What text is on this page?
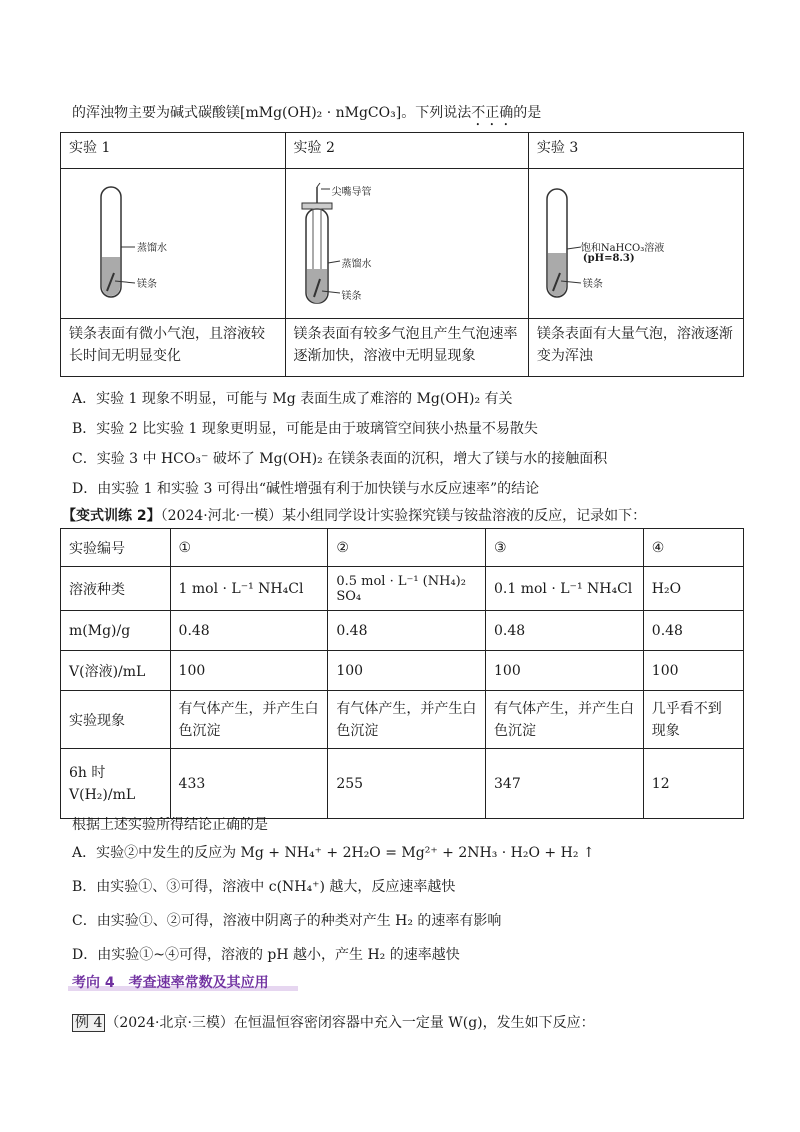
的浑浊物主要为碱式碳酸镁[mMg(OH)₂ · nMgCO₃]。下列说法不正确的是
实验 1	实验 2	实验 3

蒸馏水
镁条	尖嘴导管
蒸馏水
镁条	饱和NaHCO₃溶液
(pH=8.3)
镁条

镁条表面有微小气泡，且溶液较长时间无明显变化	镁条表面有较多气泡且产生气泡速率逐渐加快，溶液中无明显现象	镁条表面有大量气泡，溶液逐渐变为浑浊
A．实验 1 现象不明显，可能与 Mg 表面生成了难溶的 Mg(OH)₂ 有关
B．实验 2 比实验 1 现象更明显，可能是由于玻璃管空间狭小热量不易散失
C．实验 3 中 HCO₃⁻ 破坏了 Mg(OH)₂ 在镁条表面的沉积，增大了镁与水的接触面积
D．由实验 1 和实验 3 可得出“碱性增强有利于加快镁与水反应速率”的结论
【变式训练 2】（2024·河北·一模）某小组同学设计实验探究镁与铵盐溶液的反应，记录如下：
实验编号	①	②	③	④
溶液种类	1 mol · L⁻¹ NH₄Cl	0.5 mol · L⁻¹ (NH₄)₂ SO₄	0.1 mol · L⁻¹ NH₄Cl	H₂O
m(Mg)/g	0.48	0.48	0.48	0.48
V(溶液)/mL	100	100	100	100
实验现象	有气体产生，并产生白色沉淀	有气体产生，并产生白色沉淀	有气体产生，并产生白色沉淀	几乎看不到现象
6h 时
V(H₂)/mL	433	255	347	12
根据上述实验所得结论正确的是
A．实验②中发生的反应为 Mg + NH₄⁺ + 2H₂O = Mg²⁺ + 2NH₃ · H₂O + H₂ ↑
B．由实验①、③可得，溶液中 c(NH₄⁺) 越大，反应速率越快
C．由实验①、②可得，溶液中阴离子的种类对产生 H₂ 的速率有影响
D．由实验①~④可得，溶液的 pH 越小，产生 H₂ 的速率越快
考向 4　考查速率常数及其应用
例 4 （2024·北京·三模）在恒温恒容密闭容器中充入一定量 W(g)，发生如下反应：
